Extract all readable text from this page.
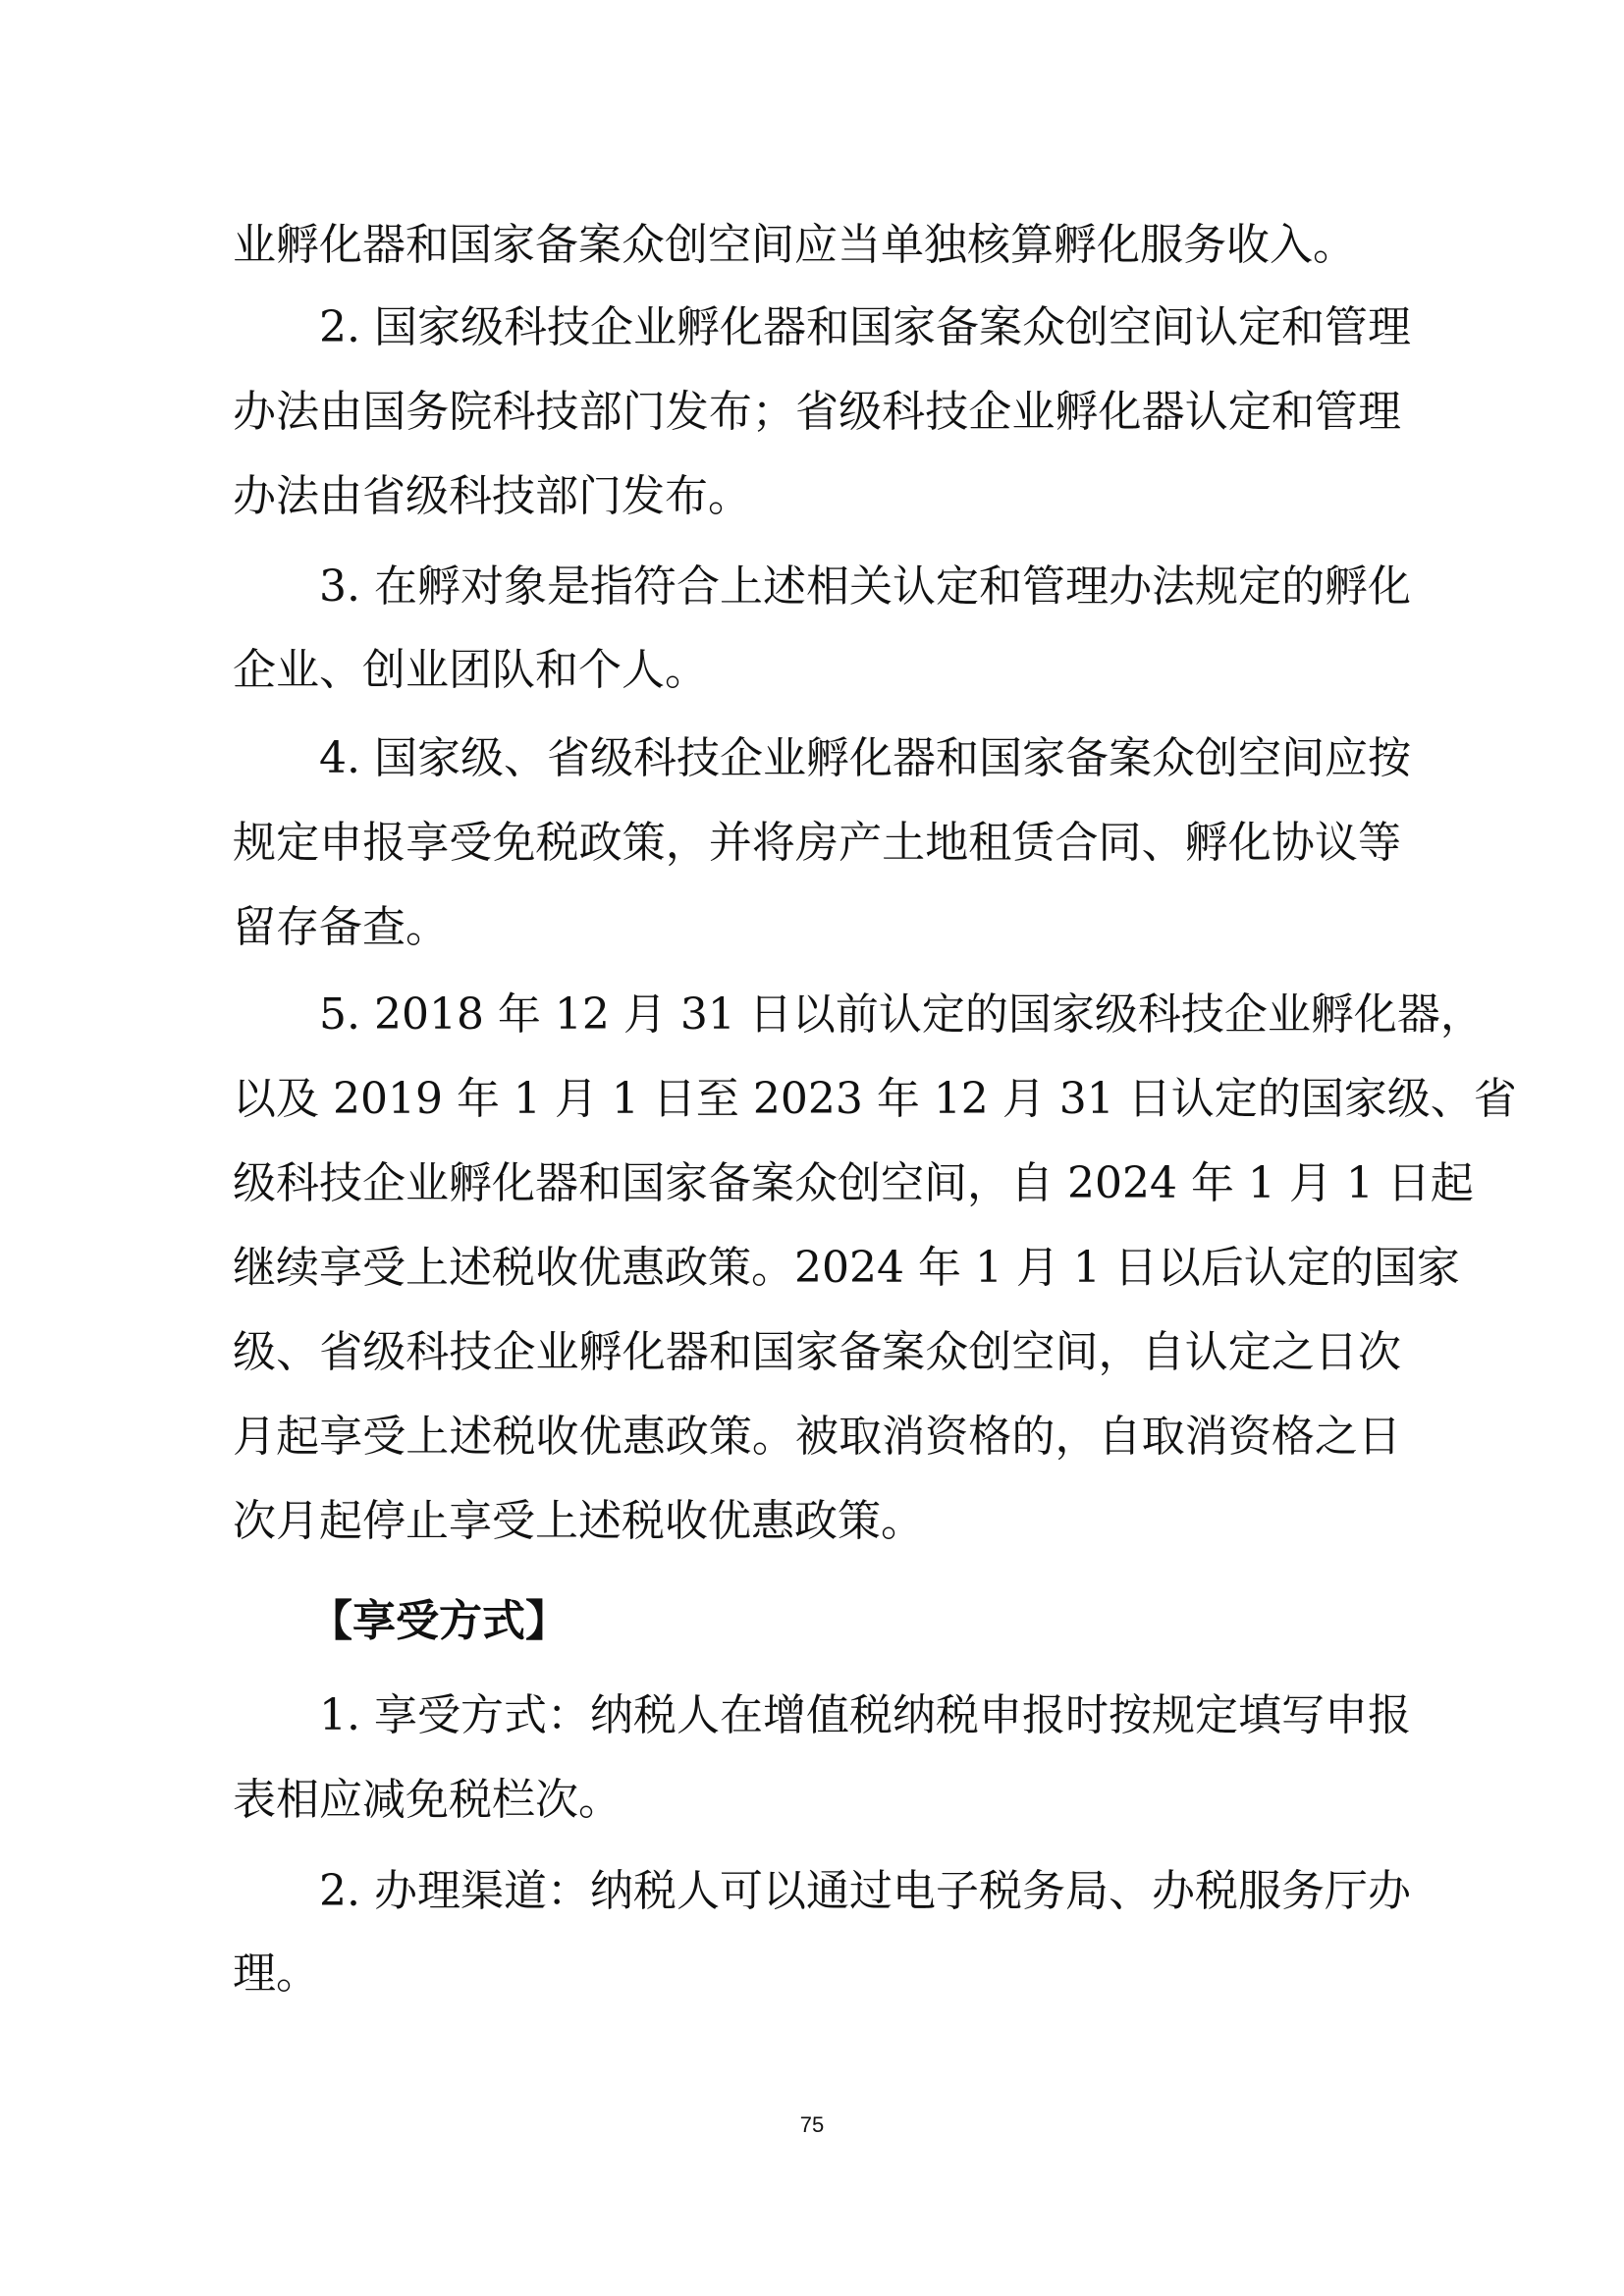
业孵化器和国家备案众创空间应当单独核算孵化服务收入。

2. 国家级科技企业孵化器和国家备案众创空间认定和管理

办法由国务院科技部门发布；省级科技企业孵化器认定和管理

办法由省级科技部门发布。

3. 在孵对象是指符合上述相关认定和管理办法规定的孵化

企业、创业团队和个人。

4. 国家级、省级科技企业孵化器和国家备案众创空间应按

规定申报享受免税政策，并将房产土地租赁合同、孵化协议等

留存备查。

5. 2018 年 12 月 31 日以前认定的国家级科技企业孵化器，

以及 2019 年 1 月 1 日至 2023 年 12 月 31 日认定的国家级、省

级科技企业孵化器和国家备案众创空间，自 2024 年 1 月 1 日起

继续享受上述税收优惠政策。2024 年 1 月 1 日以后认定的国家

级、省级科技企业孵化器和国家备案众创空间，自认定之日次

月起享受上述税收优惠政策。被取消资格的，自取消资格之日

次月起停止享受上述税收优惠政策。

【享受方式】

1. 享受方式：纳税人在增值税纳税申报时按规定填写申报

表相应减免税栏次。

2. 办理渠道：纳税人可以通过电子税务局、办税服务厅办

理。

75
